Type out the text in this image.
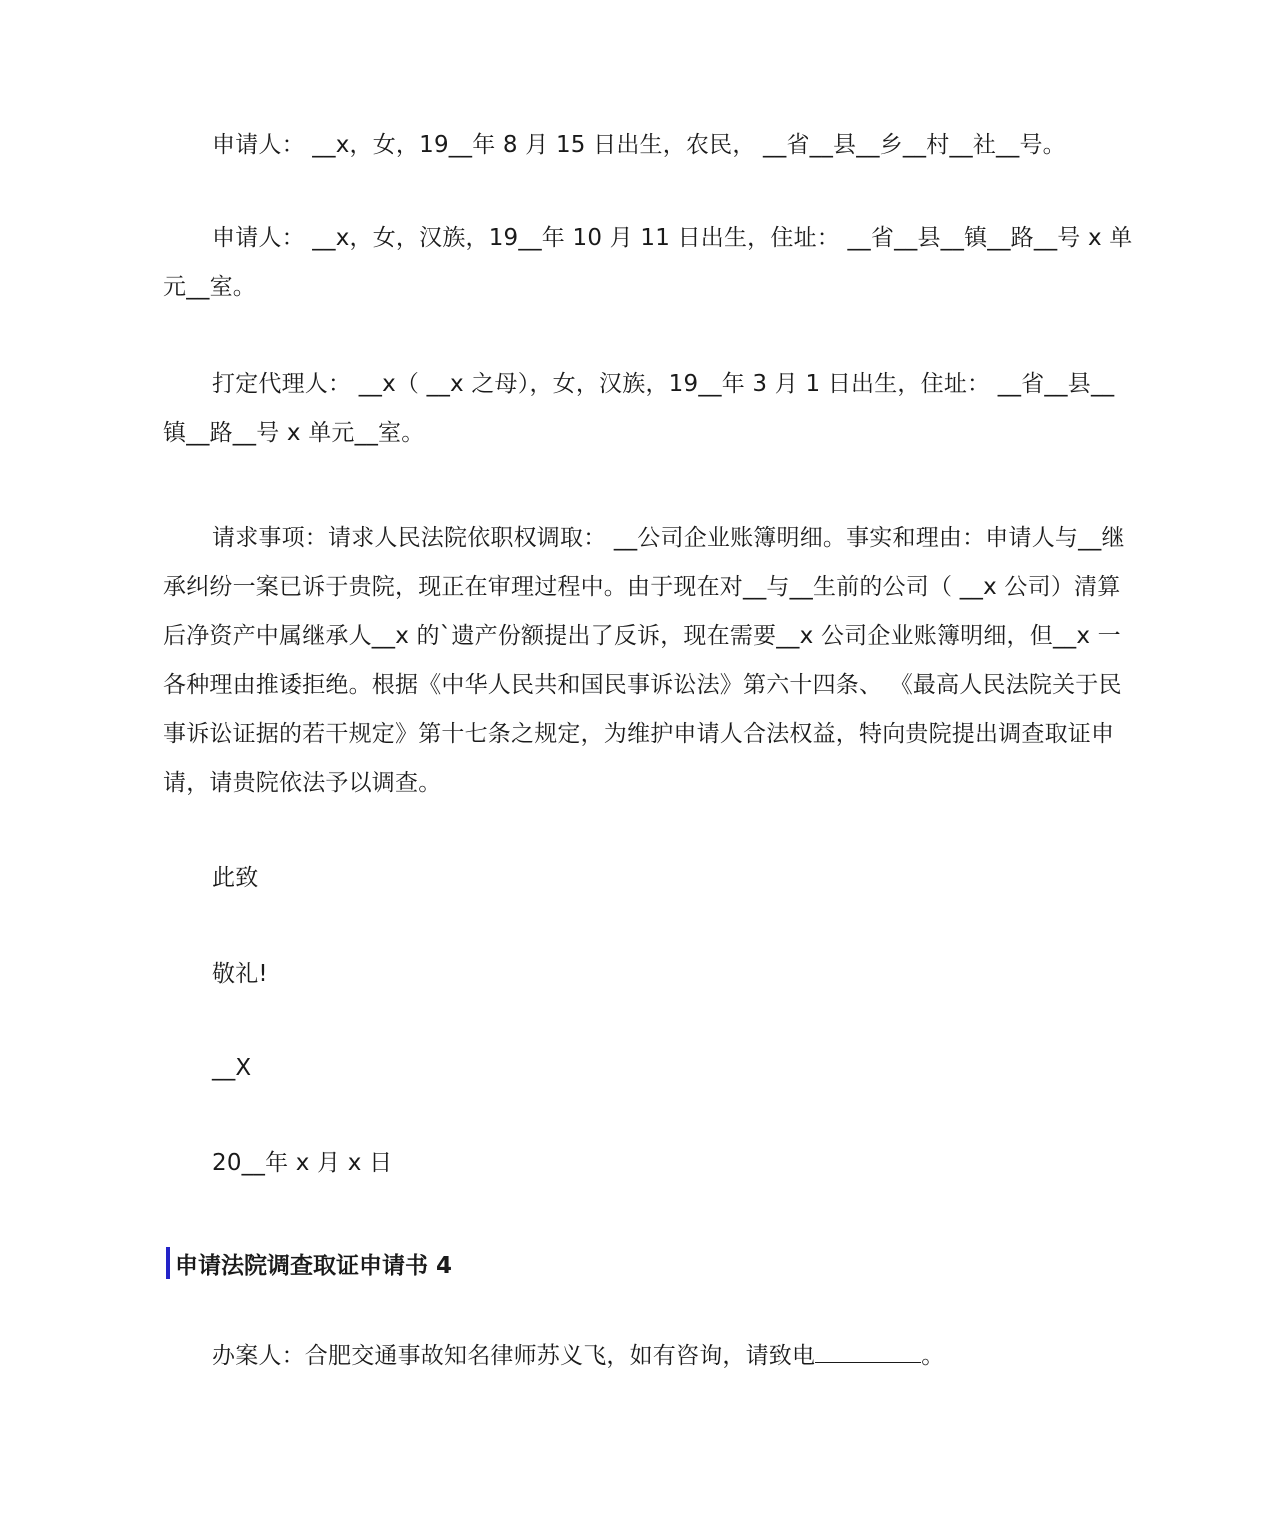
申请人： __x，女，19__年 8 月 15 日出生，农民， __省__县__乡__村__社__号。
申请人： __x，女，汉族，19__年 10 月 11 日出生，住址： __省__县__镇__路__号 x 单元__室。
打定代理人： __x（ __x 之母），女，汉族，19__年 3 月 1 日出生，住址： __省__县__镇__路__号 x 单元__室。
请求事项：请求人民法院依职权调取： __公司企业账簿明细。事实和理由：申请人与__继承纠纷一案已诉于贵院，现正在审理过程中。由于现在对__与__生前的公司（ __x 公司）清算后净资产中属继承人__x 的`遗产份额提出了反诉，现在需要__x 公司企业账簿明细，但__x 一各种理由推诿拒绝。根据《中华人民共和国民事诉讼法》第六十四条、 《最高人民法院关于民事诉讼证据的若干规定》第十七条之规定，为维护申请人合法权益，特向贵院提出调查取证申请，请贵院依法予以调查。
此致
敬礼!
__X
20__年 x 月 x 日
申请法院调查取证申请书 4
办案人：合肥交通事故知名律师苏义飞，如有咨询，请致电	。
